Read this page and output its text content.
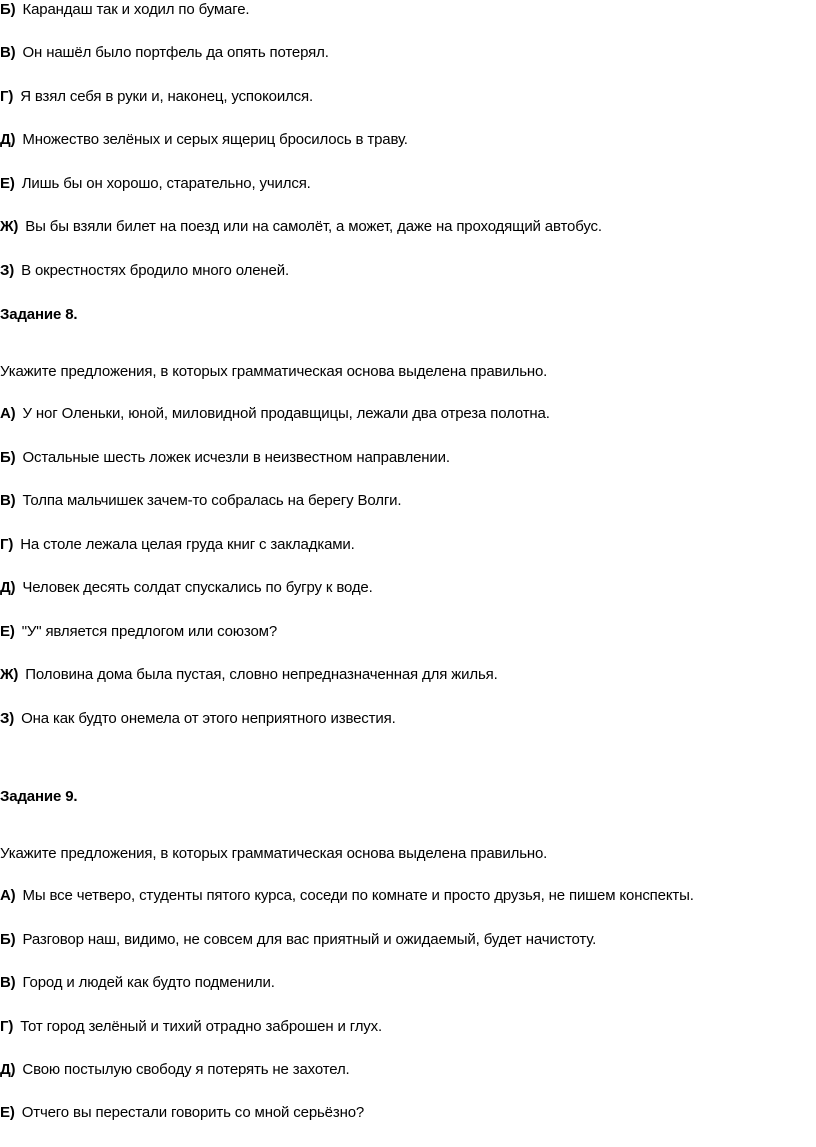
Б) Карандаш так и ходил по бумаге.
В) Он нашёл было портфель да опять потерял.
Г) Я взял себя в руки и, наконец, успокоился.
Д) Множество зелёных и серых ящериц бросилось в траву.
Е) Лишь бы он хорошо, старательно, учился.
Ж) Вы бы взяли билет на поезд или на самолёт, а может, даже на проходящий автобус.
З) В окрестностях бродило много оленей.
Задание 8.
Укажите предложения, в которых грамматическая основа выделена правильно.
А) У ног Оленьки, юной, миловидной продавщицы, лежали два отреза полотна.
Б) Остальные шесть ложек исчезли в неизвестном направлении.
В) Толпа мальчишек зачем-то собралась на берегу Волги.
Г) На столе лежала целая груда книг с закладками.
Д) Человек десять солдат спускались по бугру к воде.
Е) "У" является предлогом или союзом?
Ж) Половина дома была пустая, словно непредназначенная для жилья.
З) Она как будто онемела от этого неприятного известия.
Задание 9.
Укажите предложения, в которых грамматическая основа выделена правильно.
А) Мы все четверо, студенты пятого курса, соседи по комнате и просто друзья, не пишем конспекты.
Б) Разговор наш, видимо, не совсем для вас приятный и ожидаемый, будет начистоту.
В) Город и людей как будто подменили.
Г) Тот город зелёный и тихий отрадно заброшен и глух.
Д) Свою постылую свободу я потерять не захотел.
Е) Отчего вы перестали говорить со мной серьёзно?
